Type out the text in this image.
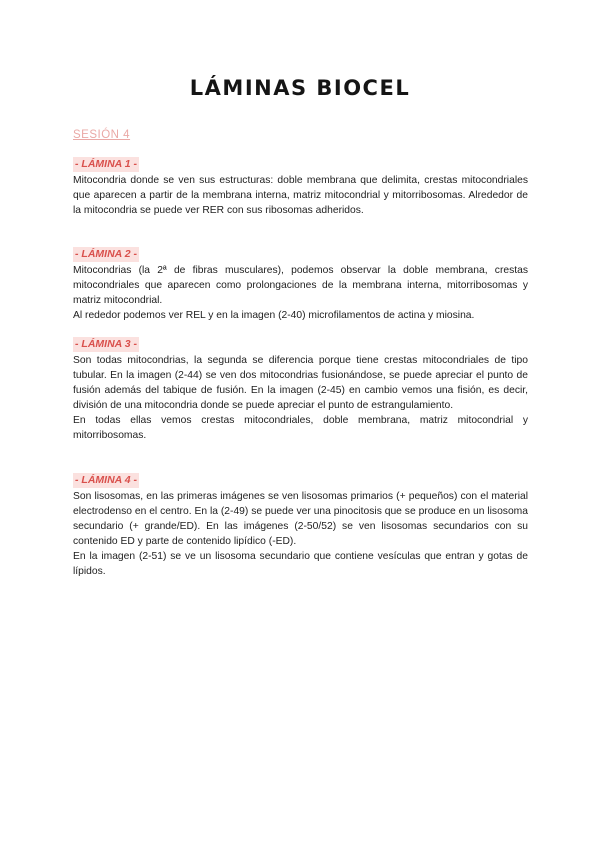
LÁMINAS BIOCEL
SESIÓN 4
- LÁMINA 1 -

Mitocondria donde se ven sus estructuras: doble membrana que delimita, crestas mitocondriales que aparecen a partir de la membrana interna, matriz mitocondrial y mitorribosomas. Alrededor de la mitocondria se puede ver RER con sus ribosomas adheridos.

- LÁMINA 2 -

Mitocondrias (la 2ª de fibras musculares), podemos observar la doble membrana, crestas mitocondriales que aparecen como prolongaciones de la membrana interna, mitorribosomas y matriz mitocondrial.

Al rededor podemos ver REL y en la imagen (2-40) microfilamentos de actina y miosina.

- LÁMINA 3 -

Son todas mitocondrias, la segunda se diferencia porque tiene crestas mitocondriales de tipo tubular. En la imagen (2-44) se ven dos mitocondrias fusionándose, se puede apreciar el punto de fusión además del tabique de fusión. En la imagen (2-45) en cambio vemos una fisión, es decir, división de una mitocondria donde se puede apreciar el punto de estrangulamiento.

En todas ellas vemos crestas mitocondriales, doble membrana, matriz mitocondrial y mitorribosomas.

- LÁMINA 4 -

Son lisosomas, en las primeras imágenes se ven lisosomas primarios (+ pequeños) con el material electrodenso en el centro. En la (2-49) se puede ver una pinocitosis que se produce en un lisosoma secundario (+ grande/ED). En las imágenes (2-50/52) se ven lisosomas secundarios con su contenido ED y parte de contenido lipídico (-ED).

En la imagen (2-51) se ve un lisosoma secundario que contiene vesículas que entran y gotas de lípidos.
